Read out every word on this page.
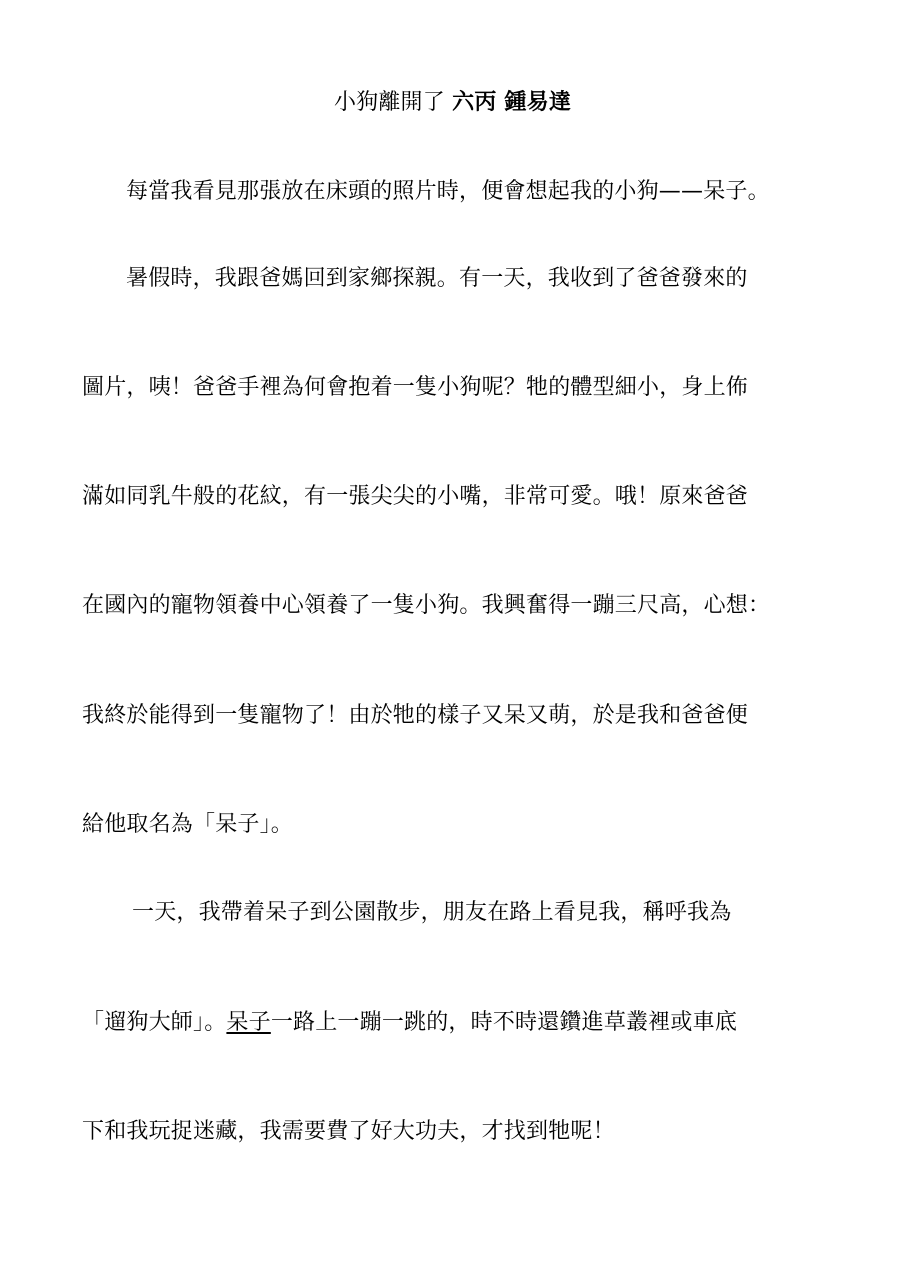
小狗離開了 六丙 鍾易達
每當我看見那張放在床頭的照片時，便會想起我的小狗——呆子。
暑假時，我跟爸媽回到家鄉探親。有一天，我收到了爸爸發來的
圖片，咦！爸爸手裡為何會抱着一隻小狗呢？牠的體型細小，身上佈
滿如同乳牛般的花紋，有一張尖尖的小嘴，非常可愛。哦！原來爸爸
在國內的寵物領養中心領養了一隻小狗。我興奮得一蹦三尺高，心想：
我終於能得到一隻寵物了！由於牠的樣子又呆又萌，於是我和爸爸便
給他取名為「呆子」。
一天，我帶着呆子到公園散步，朋友在路上看見我，稱呼我為
「遛狗大師」。呆子一路上一蹦一跳的，時不時還鑽進草叢裡或車底
下和我玩捉迷藏，我需要費了好大功夫，才找到牠呢！
